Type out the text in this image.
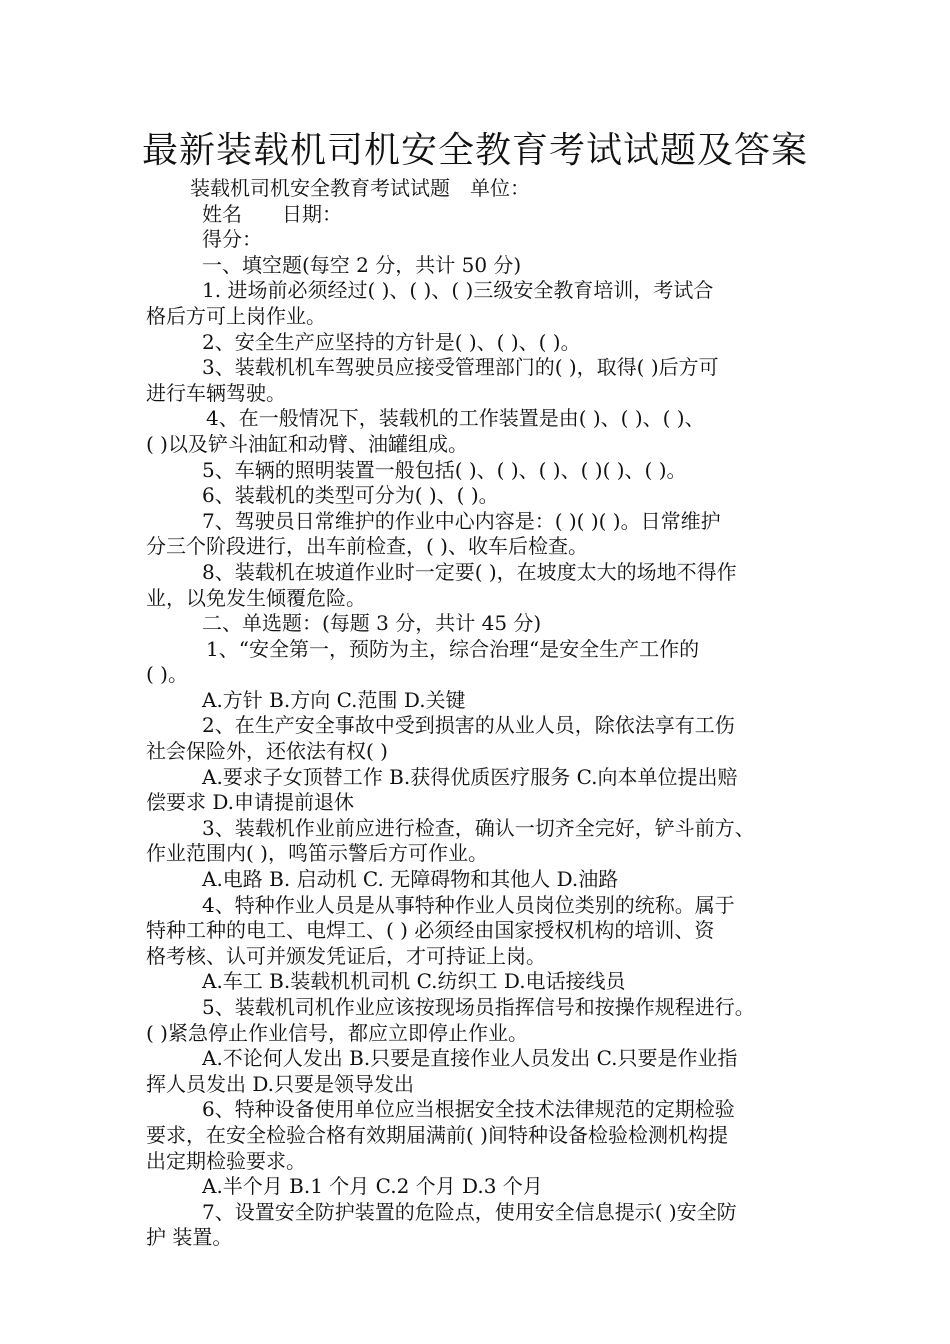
最新装载机司机安全教育考试试题及答案
装载机司机安全教育考试试题　单位：
姓名　　日期：
得分：
一、填空题(每空 2 分，共计 50 分)
1. 进场前必须经过( )、( )、( )三级安全教育培训，考试合
格后方可上岗作业。
2、安全生产应坚持的方针是( )、( )、( )。
3、装载机机车驾驶员应接受管理部门的( )，取得( )后方可
进行车辆驾驶。
4、在一般情况下，装载机的工作装置是由( )、( )、( )、
( )以及铲斗油缸和动臂、油罐组成。
5、车辆的照明装置一般包括( )、( )、( )、( )( )、( )。
6、装载机的类型可分为( )、( )。
7、驾驶员日常维护的作业中心内容是：( )( )( )。日常维护
分三个阶段进行，出车前检查，( )、收车后检查。
8、装载机在坡道作业时一定要( )，在坡度太大的场地不得作
业，以免发生倾覆危险。
二、单选题：(每题 3 分，共计 45 分)
1、“安全第一，预防为主，综合治理“是安全生产工作的
( )。
A.方针 B.方向 C.范围 D.关键
2、在生产安全事故中受到损害的从业人员，除依法享有工伤
社会保险外，还依法有权( )
A.要求子女顶替工作 B.获得优质医疗服务 C.向本单位提出赔
偿要求 D.申请提前退休
3、装载机作业前应进行检查，确认一切齐全完好，铲斗前方、
作业范围内( )，鸣笛示警后方可作业。
A.电路 B. 启动机 C. 无障碍物和其他人 D.油路
4、特种作业人员是从事特种作业人员岗位类别的统称。属于
特种工种的电工、电焊工、( ) 必须经由国家授权机构的培训、资
格考核、认可并颁发凭证后，才可持证上岗。
A.车工 B.装载机机司机 C.纺织工 D.电话接线员
5、装载机司机作业应该按现场员指挥信号和按操作规程进行。
( )紧急停止作业信号，都应立即停止作业。
A.不论何人发出 B.只要是直接作业人员发出 C.只要是作业指
挥人员发出 D.只要是领导发出
6、特种设备使用单位应当根据安全技术法律规范的定期检验
要求，在安全检验合格有效期届满前( )间特种设备检验检测机构提
出定期检验要求。
A.半个月 B.1 个月 C.2 个月 D.3 个月
7、设置安全防护装置的危险点，使用安全信息提示( )安全防
护 装置。
